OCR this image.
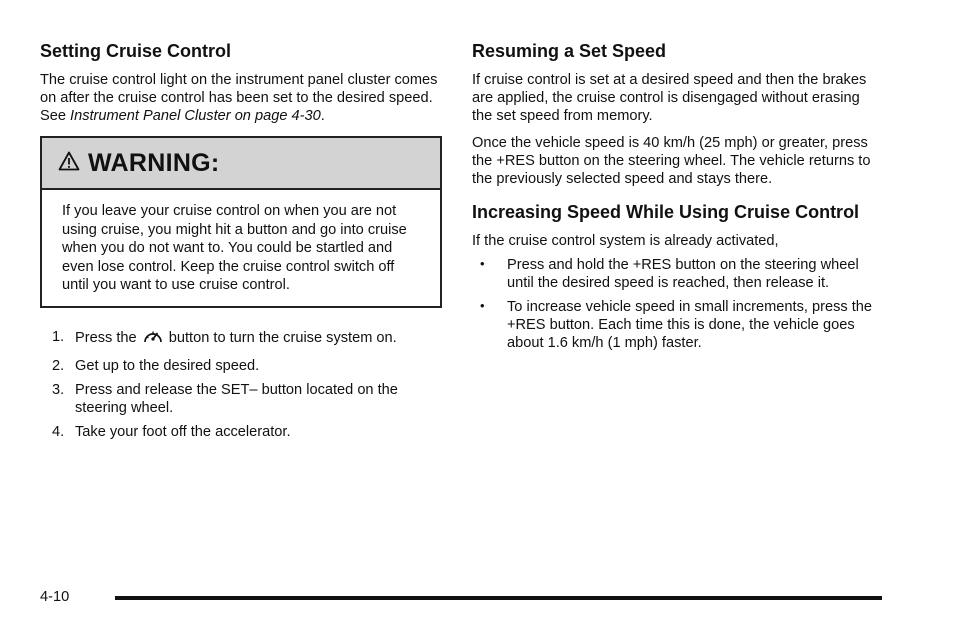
Setting Cruise Control

The cruise control light on the instrument panel cluster comes on after the cruise control has been set to the desired speed. See Instrument Panel Cluster on page 4-30.

WARNING:
If you leave your cruise control on when you are not using cruise, you might hit a button and go into cruise when you do not want to. You could be startled and even lose control. Keep the cruise control switch off until you want to use cruise control.
1. Press the  button to turn the cruise system on.
2. Get up to the desired speed.
3. Press and release the SET– button located on the steering wheel.
4. Take your foot off the accelerator.
Resuming a Set Speed

If cruise control is set at a desired speed and then the brakes are applied, the cruise control is disengaged without erasing the set speed from memory.

Once the vehicle speed is 40 km/h (25 mph) or greater, press the +RES button on the steering wheel. The vehicle returns to the previously selected speed and stays there.

Increasing Speed While Using Cruise Control

If the cruise control system is already activated,

•	Press and hold the +RES button on the steering wheel until the desired speed is reached, then release it.
•	To increase vehicle speed in small increments, press the +RES button. Each time this is done, the vehicle goes about 1.6 km/h (1 mph) faster.
4-10
